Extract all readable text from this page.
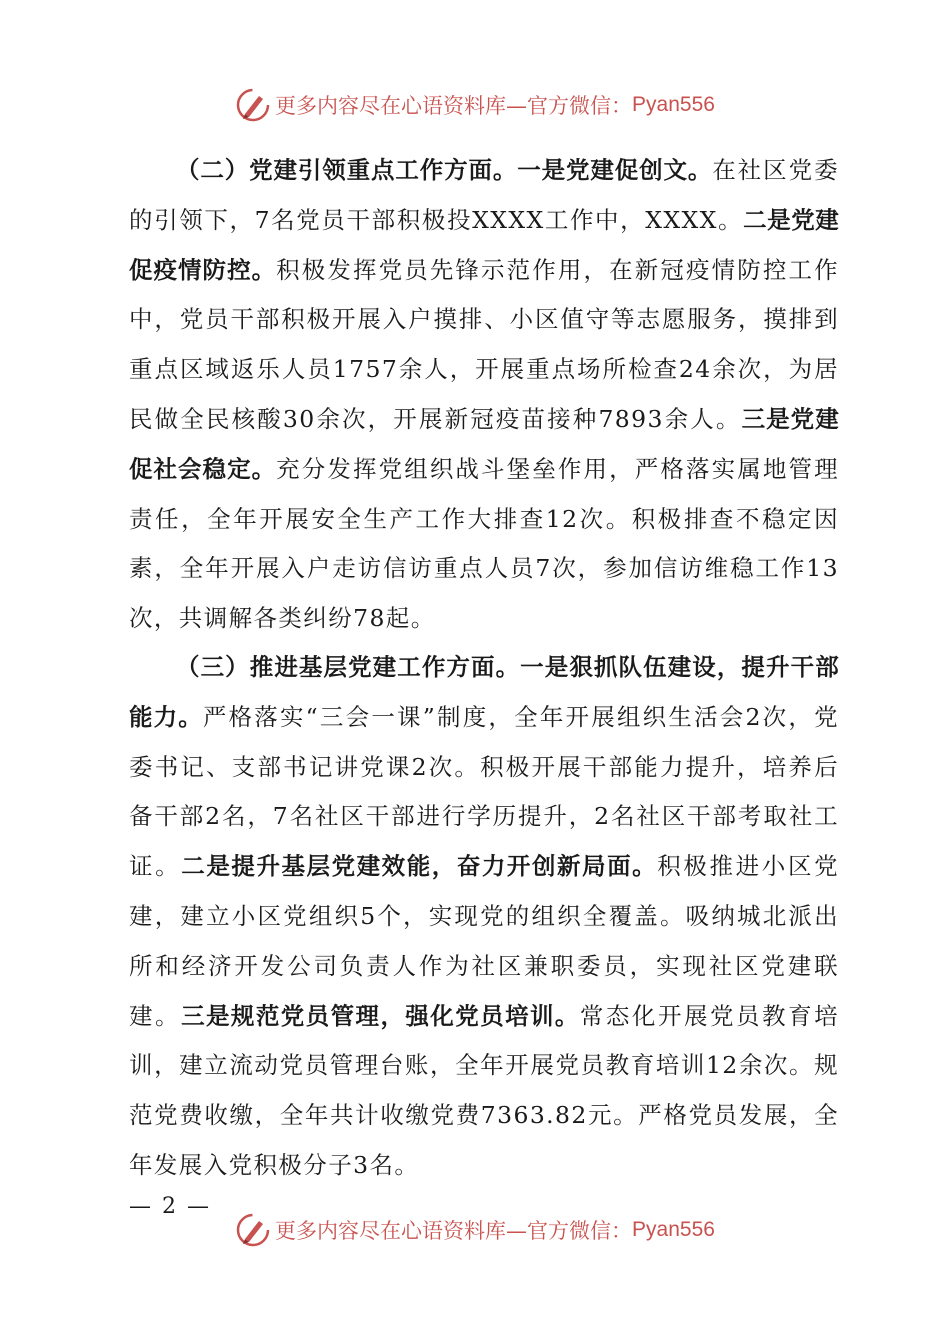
更多内容尽在心语资料库—官方微信： Pyan556

（二）党建引领重点工作方面。一是党建促创文。在社区党委的引领下，7名党员干部积极投XXXX工作中，XXXX。二是党建促疫情防控。积极发挥党员先锋示范作用，在新冠疫情防控工作中，党员干部积极开展入户摸排、小区值守等志愿服务，摸排到重点区域返乐人员1757余人，开展重点场所检查24余次，为居民做全民核酸30余次，开展新冠疫苗接种7893余人。三是党建促社会稳定。充分发挥党组织战斗堡垒作用，严格落实属地管理责任，全年开展安全生产工作大排查12次。积极排查不稳定因素，全年开展入户走访信访重点人员7次，参加信访维稳工作13次，共调解各类纠纷78起。

（三）推进基层党建工作方面。一是狠抓队伍建设，提升干部能力。严格落实“三会一课”制度，全年开展组织生活会2次，党委书记、支部书记讲党课2次。积极开展干部能力提升，培养后备干部2名，7名社区干部进行学历提升，2名社区干部考取社工证。二是提升基层党建效能，奋力开创新局面。积极推进小区党建，建立小区党组织5个，实现党的组织全覆盖。吸纳城北派出所和经济开发公司负责人作为社区兼职委员，实现社区党建联建。三是规范党员管理，强化党员培训。常态化开展党员教育培训，建立流动党员管理台账，全年开展党员教育培训12余次。规范党费收缴，全年共计收缴党费7363.82元。严格党员发展，全年发展入党积极分子3名。

— 2 —
更多内容尽在心语资料库—官方微信： Pyan556
